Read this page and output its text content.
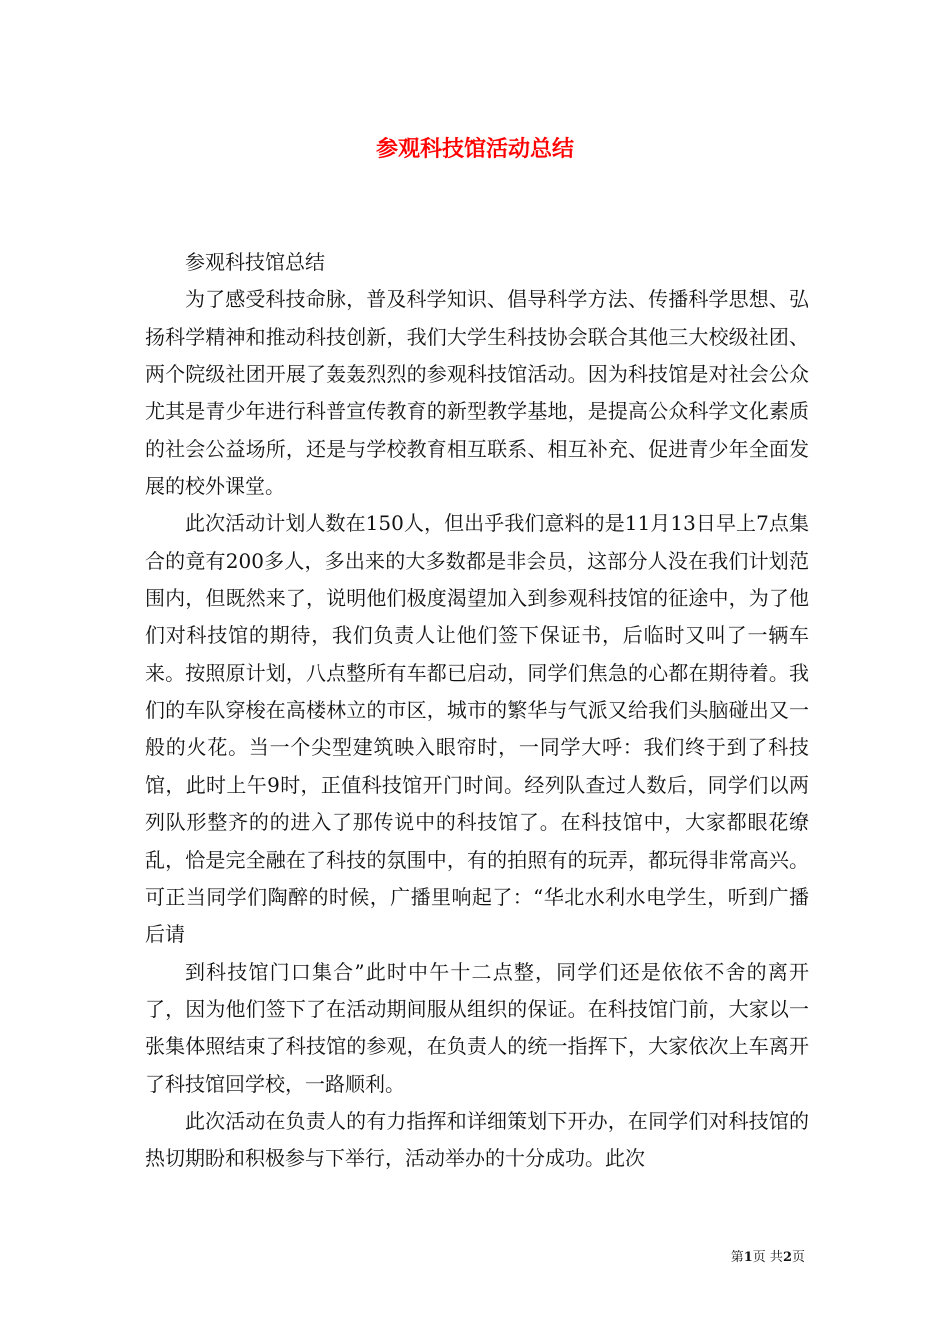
参观科技馆活动总结

参观科技馆总结

为了感受科技命脉，普及科学知识、倡导科学方法、传播科学思想、弘扬科学精神和推动科技创新，我们大学生科技协会联合其他三大校级社团、两个院级社团开展了轰轰烈烈的参观科技馆活动。因为科技馆是对社会公众尤其是青少年进行科普宣传教育的新型教学基地，是提高公众科学文化素质的社会公益场所，还是与学校教育相互联系、相互补充、促进青少年全面发展的校外课堂。

此次活动计划人数在150人，但出乎我们意料的是11月13日早上7点集合的竟有200多人，多出来的大多数都是非会员，这部分人没在我们计划范围内，但既然来了，说明他们极度渴望加入到参观科技馆的征途中，为了他们对科技馆的期待，我们负责人让他们签下保证书，后临时又叫了一辆车来。按照原计划，八点整所有车都已启动，同学们焦急的心都在期待着。我们的车队穿梭在高楼林立的市区，城市的繁华与气派又给我们头脑碰出又一般的火花。当一个尖型建筑映入眼帘时，一同学大呼：我们终于到了科技馆，此时上午9时，正值科技馆开门时间。经列队查过人数后，同学们以两列队形整齐的的进入了那传说中的科技馆了。在科技馆中，大家都眼花缭乱，恰是完全融在了科技的氛围中，有的拍照有的玩弄，都玩得非常高兴。可正当同学们陶醉的时候，广播里响起了：“华北水利水电学生，听到广播后请

到科技馆门口集合”此时中午十二点整，同学们还是依依不舍的离开了，因为他们签下了在活动期间服从组织的保证。在科技馆门前，大家以一张集体照结束了科技馆的参观，在负责人的统一指挥下，大家依次上车离开了科技馆回学校，一路顺利。

此次活动在负责人的有力指挥和详细策划下开办，在同学们对科技馆的热切期盼和积极参与下举行，活动举办的十分成功。此次

第1页 共2页
